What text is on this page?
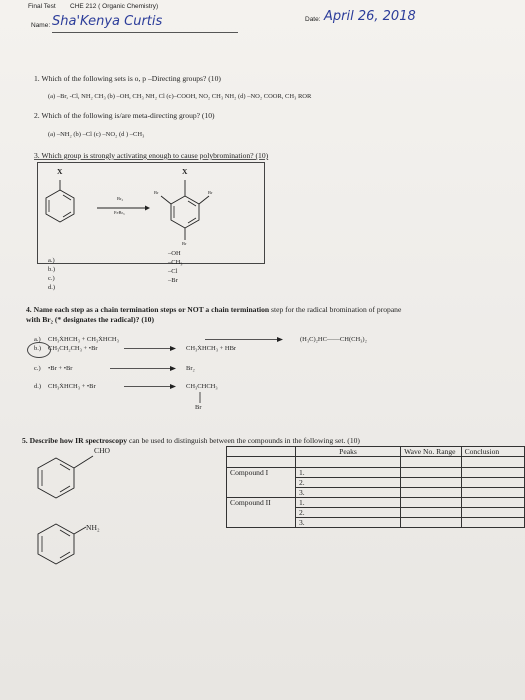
Final Test CHE 212 ( Organic Chemistry)
Name: Sha'Kenya Curtis	Date: April 26, 2018
1. Which of the following sets is o, p –Directing groups? (10)
(a) –Br, -Cl, NH₂ CH₃ (b) –OH, CH₃ NH₂ Cl (c)–COOH, NO₂ CH₃ NH₂ (d) –NO₂ COOR, CH₃ ROR
2. Which of the following is/are meta-directing group? (10)
(a) –NH₂ (b) –Cl (c) –NO₂ (d ) –CH₃
3. Which group is strongly activating enough to cause polybromination? (10)
X	X
Br₂
FeBr₃
Br	Br
Br
a.)
b.)
c.)
d.)
–OH
–CH₃
–Cl
–Br
4. Name each step as a chain termination steps or NOT a chain termination step for the radical bromination of propane
with Br₂ (* designates the radical)? (10)
a.) CH₃ẊHCH₃ + CH₃ẊHCH₃	(H₃C)₂HC——CH(CH₃)₂
b.) CH₃CH₂CH₃ + •Br	CH₃ẊHCH₃ + HBr
c.) •Br + •Br	Br₂
d.) CH₃ẊHCH₃ + •Br	CH₃CHCH₃
Br
5. Describe how IR spectroscopy can be used to distinguish between the compounds in the following set. (10)
CHO
NH₂
	Peaks	Wave No. Range	Conclusion

Compound I	1.		
	2.		
	3.		
Compound II	1.		
	2.		
	3.		
